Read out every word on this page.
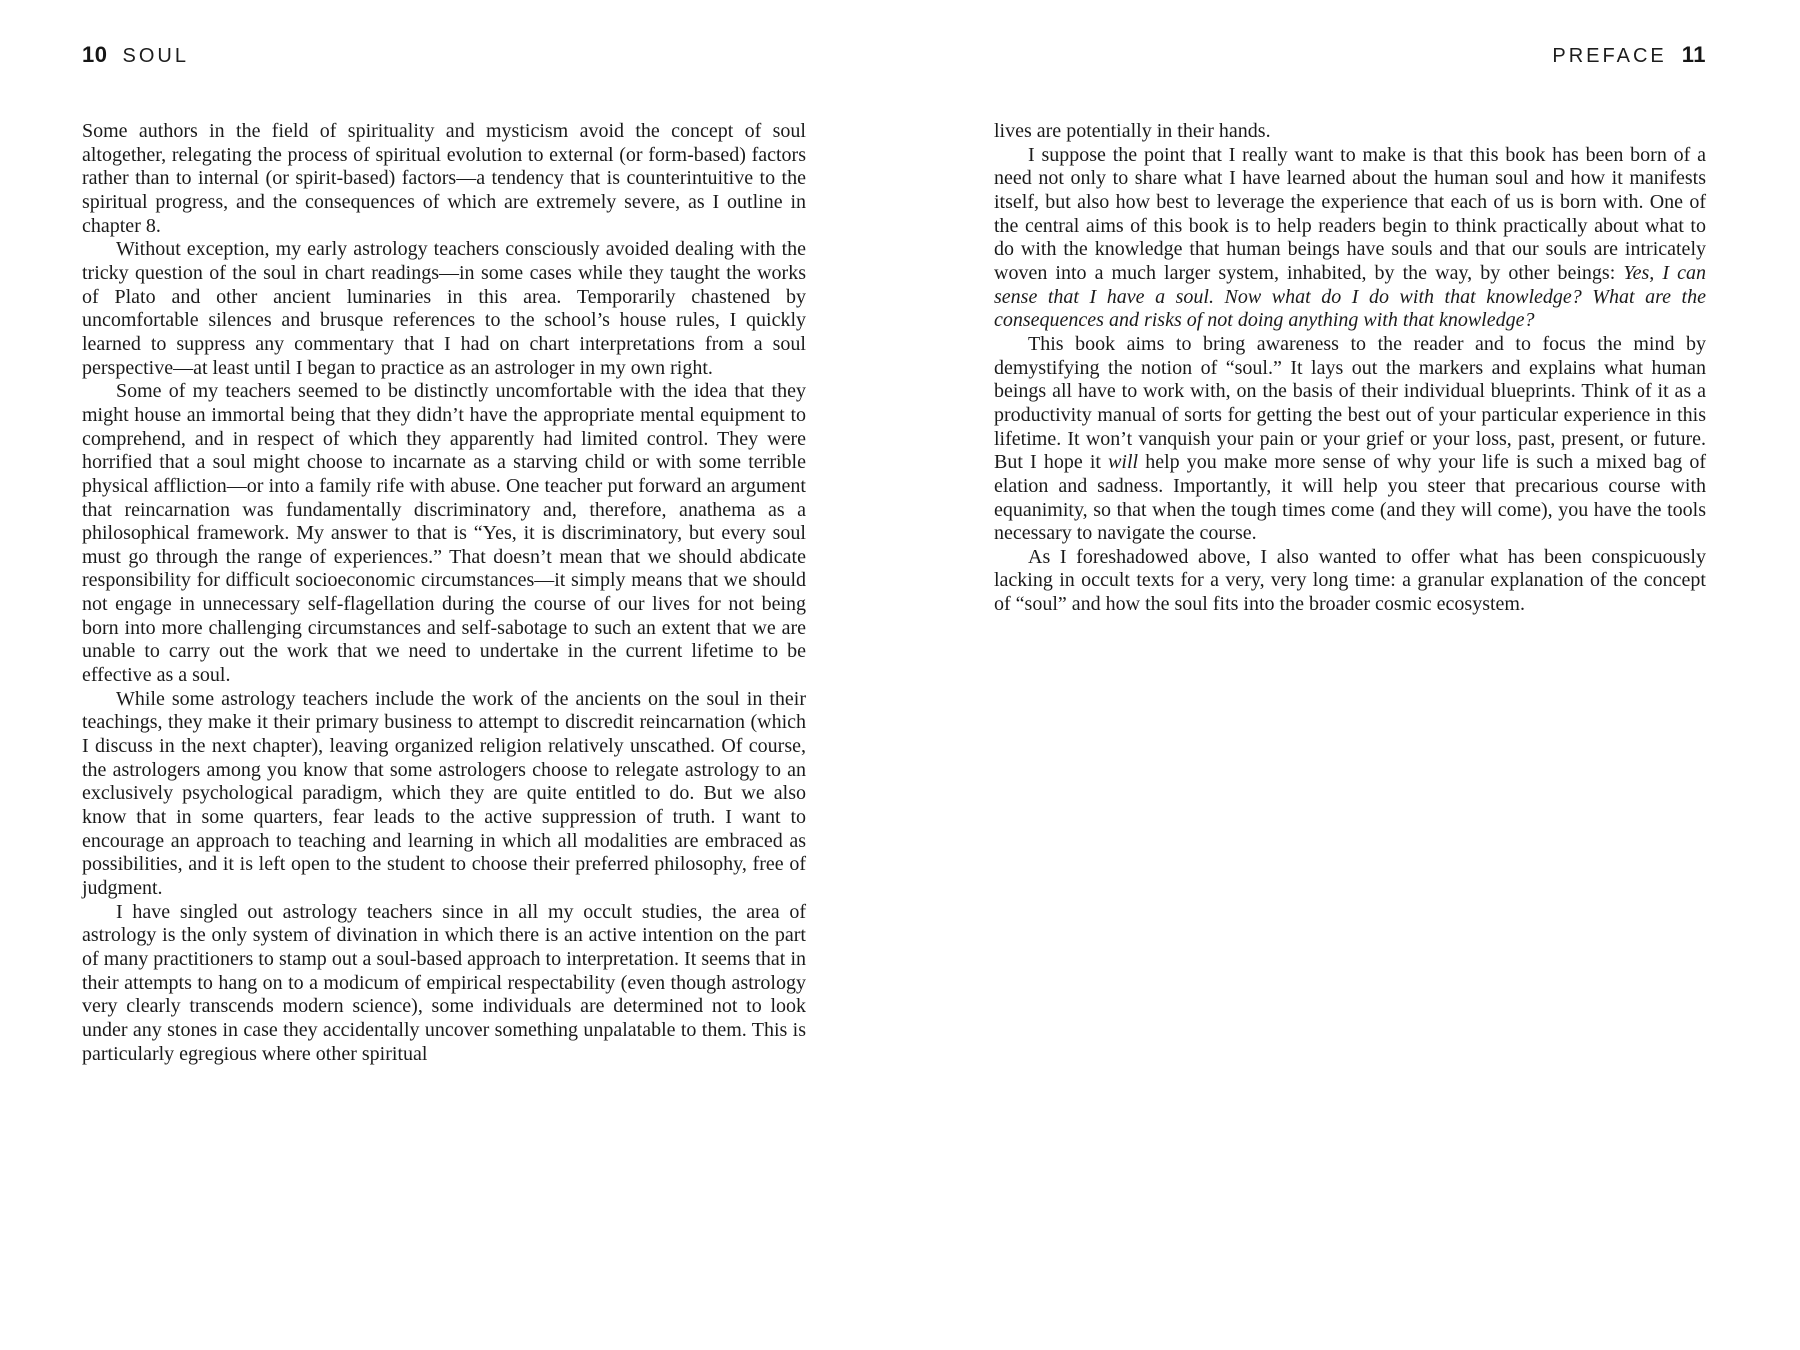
10 SOUL

Some authors in the field of spirituality and mysticism avoid the concept of soul altogether, relegating the process of spiritual evolution to external (or form-based) factors rather than to internal (or spirit-based) factors—a tendency that is counterintuitive to the spiritual progress, and the consequences of which are extremely severe, as I outline in chapter 8.

Without exception, my early astrology teachers consciously avoided dealing with the tricky question of the soul in chart readings—in some cases while they taught the works of Plato and other ancient luminaries in this area. Temporarily chastened by uncomfortable silences and brusque references to the school’s house rules, I quickly learned to suppress any commentary that I had on chart interpretations from a soul perspective—at least until I began to practice as an astrologer in my own right.

Some of my teachers seemed to be distinctly uncomfortable with the idea that they might house an immortal being that they didn’t have the appropriate mental equipment to comprehend, and in respect of which they apparently had limited control. They were horrified that a soul might choose to incarnate as a starving child or with some terrible physical affliction—or into a family rife with abuse. One teacher put forward an argument that reincarnation was fundamentally discriminatory and, therefore, anathema as a philosophical framework. My answer to that is “Yes, it is discriminatory, but every soul must go through the range of experiences.” That doesn’t mean that we should abdicate responsibility for difficult socioeconomic circumstances—it simply means that we should not engage in unnecessary self-flagellation during the course of our lives for not being born into more challenging circumstances and self-sabotage to such an extent that we are unable to carry out the work that we need to undertake in the current lifetime to be effective as a soul.

While some astrology teachers include the work of the ancients on the soul in their teachings, they make it their primary business to attempt to discredit reincarnation (which I discuss in the next chapter), leaving organized religion relatively unscathed. Of course, the astrologers among you know that some astrologers choose to relegate astrology to an exclusively psychological paradigm, which they are quite entitled to do. But we also know that in some quarters, fear leads to the active suppression of truth. I want to encourage an approach to teaching and learning in which all modalities are embraced as possibilities, and it is left open to the student to choose their preferred philosophy, free of judgment.

I have singled out astrology teachers since in all my occult studies, the area of astrology is the only system of divination in which there is an active intention on the part of many practitioners to stamp out a soul-based approach to interpretation. It seems that in their attempts to hang on to a modicum of empirical respectability (even though astrology very clearly transcends modern science), some individuals are determined not to look under any stones in case they accidentally uncover something unpalatable to them. This is particularly egregious where other spiritual

PREFACE 11

lives are potentially in their hands.

I suppose the point that I really want to make is that this book has been born of a need not only to share what I have learned about the human soul and how it manifests itself, but also how best to leverage the experience that each of us is born with. One of the central aims of this book is to help readers begin to think practically about what to do with the knowledge that human beings have souls and that our souls are intricately woven into a much larger system, inhabited, by the way, by other beings: Yes, I can sense that I have a soul. Now what do I do with that knowledge? What are the consequences and risks of not doing anything with that knowledge?

This book aims to bring awareness to the reader and to focus the mind by demystifying the notion of “soul.” It lays out the markers and explains what human beings all have to work with, on the basis of their individual blueprints. Think of it as a productivity manual of sorts for getting the best out of your particular experience in this lifetime. It won’t vanquish your pain or your grief or your loss, past, present, or future. But I hope it will help you make more sense of why your life is such a mixed bag of elation and sadness. Importantly, it will help you steer that precarious course with equanimity, so that when the tough times come (and they will come), you have the tools necessary to navigate the course.

As I foreshadowed above, I also wanted to offer what has been conspicuously lacking in occult texts for a very, very long time: a granular explanation of the concept of “soul” and how the soul fits into the broader cosmic ecosystem.
